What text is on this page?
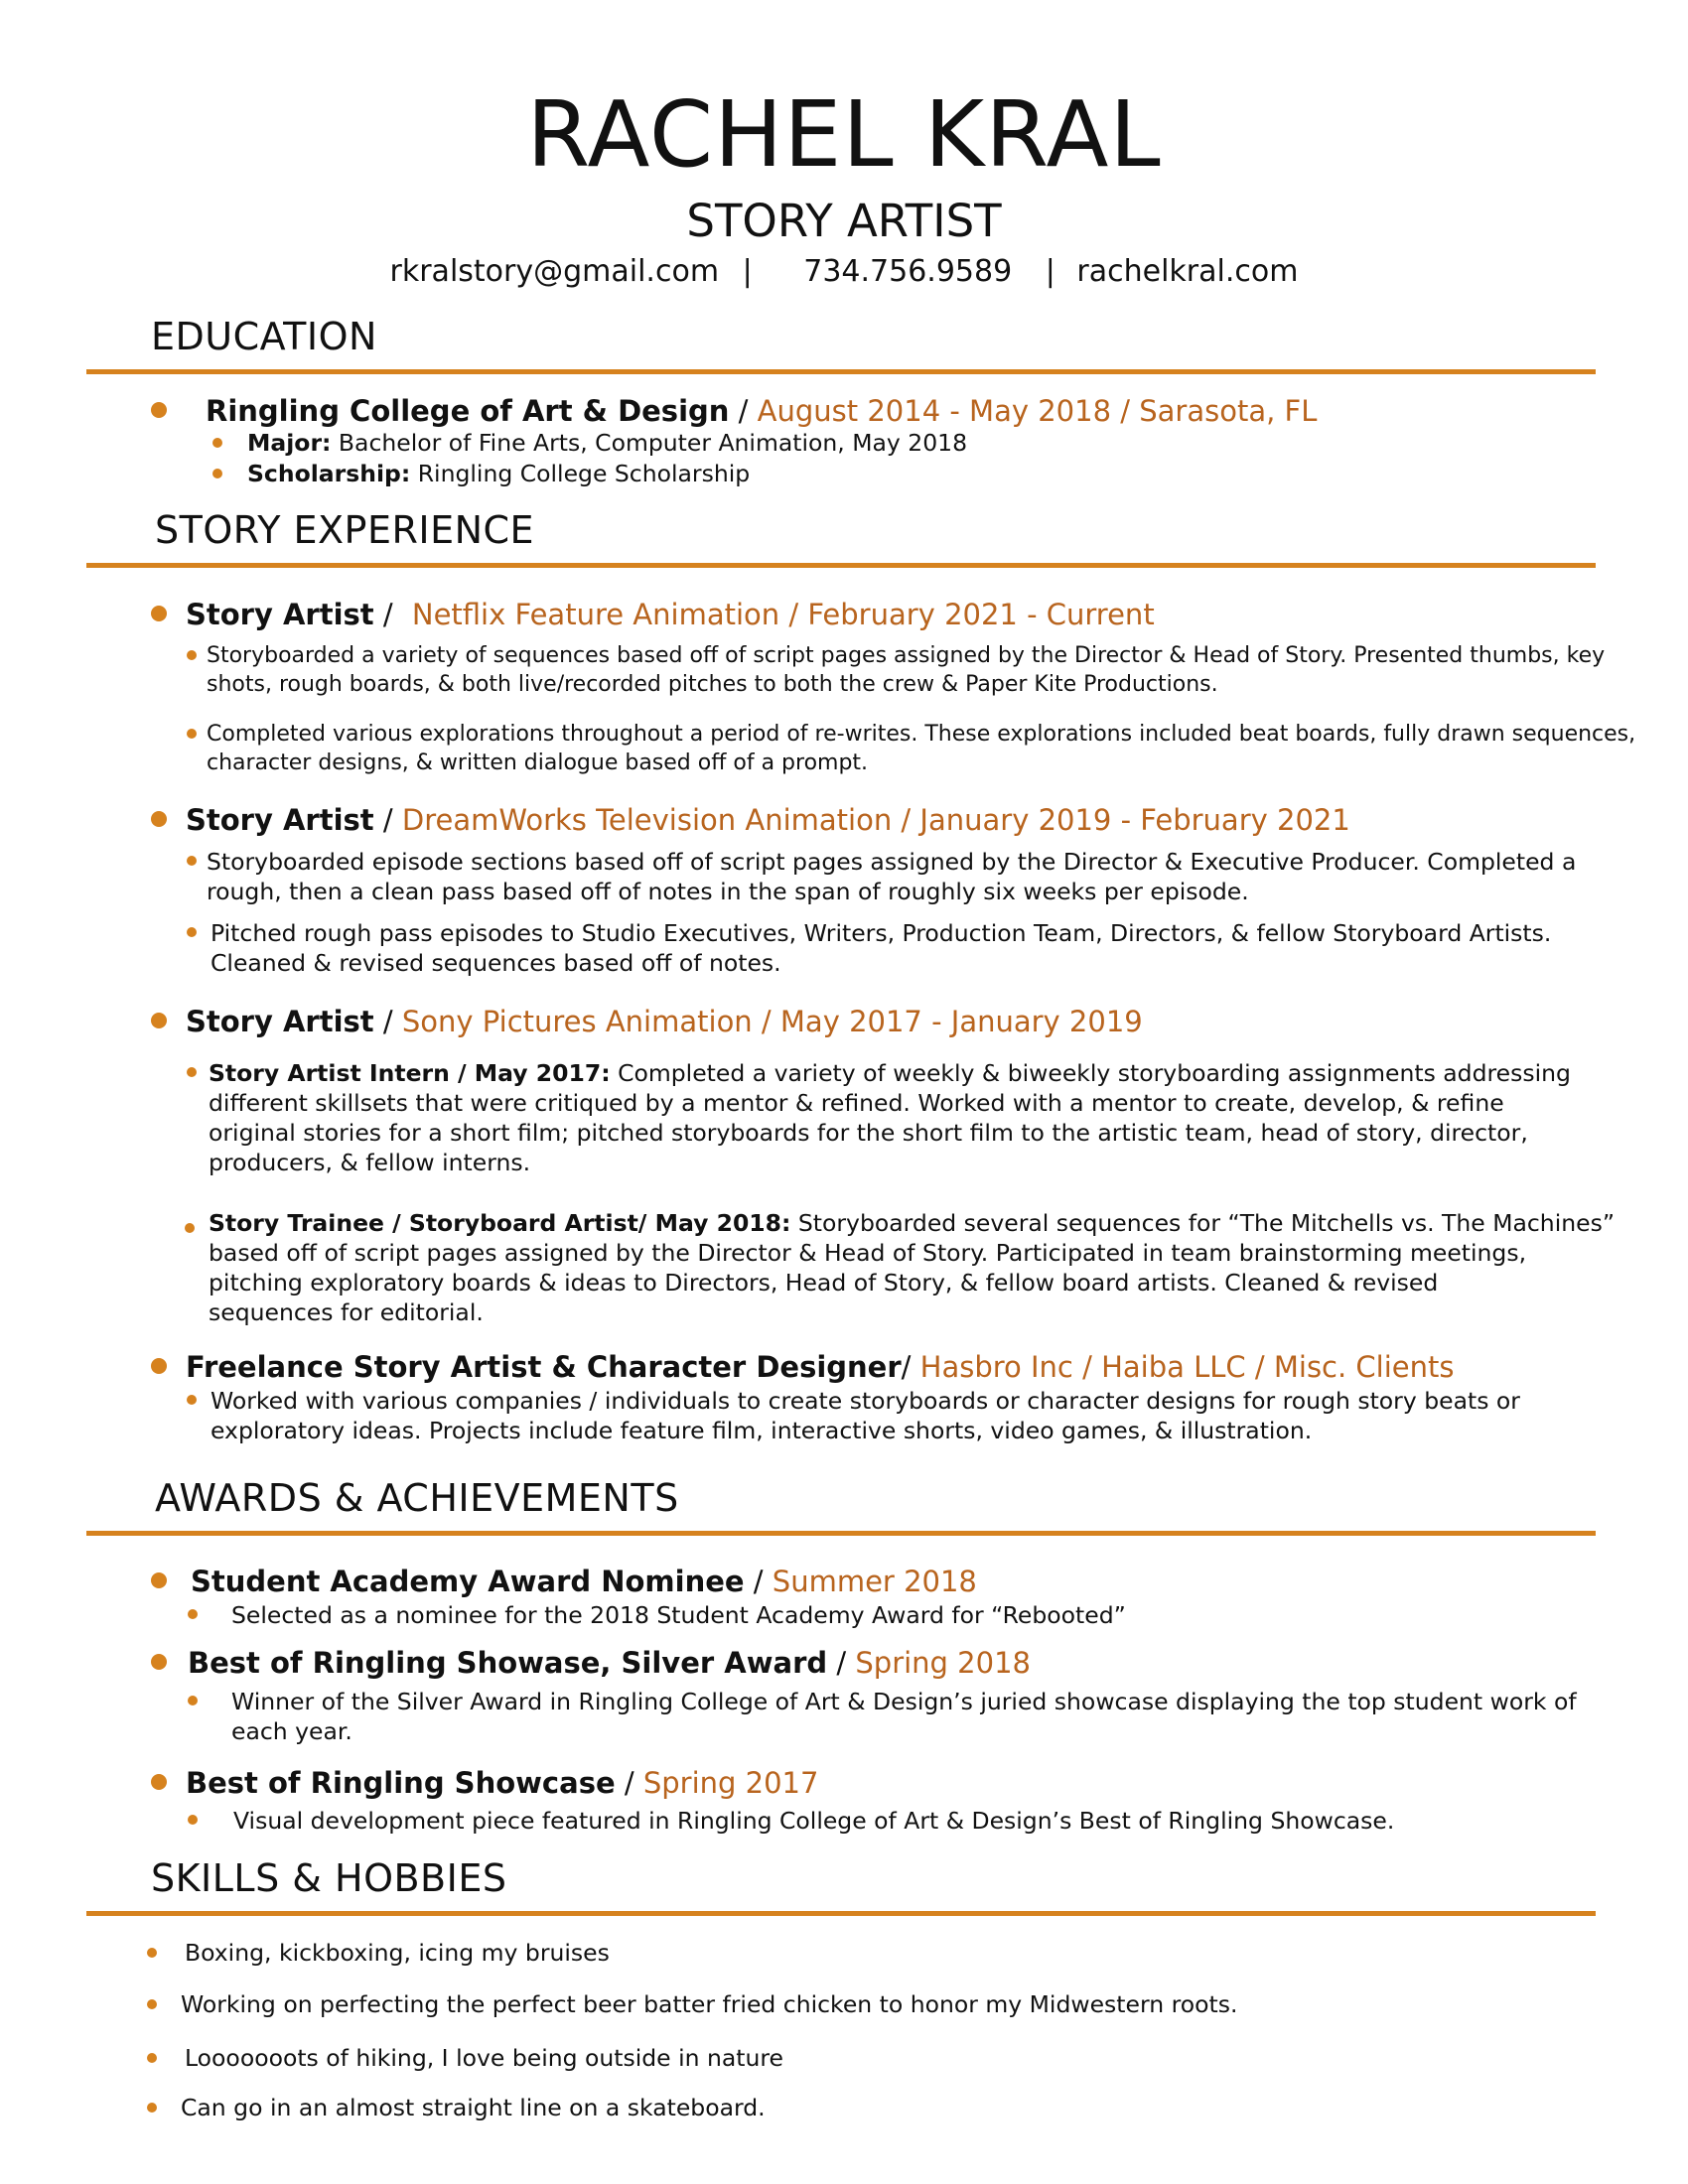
RACHEL KRAL
STORY ARTIST
rkralstory@gmail.com | 734.756.9589 | rachelkral.com
EDUCATION
Ringling College of Art & Design / August 2014 - May 2018 / Sarasota, FL
Major: Bachelor of Fine Arts, Computer Animation, May 2018
Scholarship: Ringling College Scholarship
STORY EXPERIENCE
Story Artist / Netflix Feature Animation / February 2021 - Current
Storyboarded a variety of sequences based off of script pages assigned by the Director & Head of Story. Presented thumbs, key
shots, rough boards, & both live/recorded pitches to both the crew & Paper Kite Productions.
Completed various explorations throughout a period of re-writes. These explorations included beat boards, fully drawn sequences,
character designs, & written dialogue based off of a prompt.
Story Artist / DreamWorks Television Animation / January 2019 - February 2021
Storyboarded episode sections based off of script pages assigned by the Director & Executive Producer. Completed a
rough, then a clean pass based off of notes in the span of roughly six weeks per episode.
Pitched rough pass episodes to Studio Executives, Writers, Production Team, Directors, & fellow Storyboard Artists.
Cleaned & revised sequences based off of notes.
Story Artist / Sony Pictures Animation / May 2017 - January 2019
Story Artist Intern / May 2017: Completed a variety of weekly & biweekly storyboarding assignments addressing
different skillsets that were critiqued by a mentor & refined. Worked with a mentor to create, develop, & refine
original stories for a short film; pitched storyboards for the short film to the artistic team, head of story, director,
producers, & fellow interns.
Story Trainee / Storyboard Artist/ May 2018: Storyboarded several sequences for “The Mitchells vs. The Machines”
based off of script pages assigned by the Director & Head of Story. Participated in team brainstorming meetings,
pitching exploratory boards & ideas to Directors, Head of Story, & fellow board artists. Cleaned & revised
sequences for editorial.
Freelance Story Artist & Character Designer/ Hasbro Inc / Haiba LLC / Misc. Clients
Worked with various companies / individuals to create storyboards or character designs for rough story beats or
exploratory ideas. Projects include feature film, interactive shorts, video games, & illustration.
AWARDS & ACHIEVEMENTS
Student Academy Award Nominee / Summer 2018
Selected as a nominee for the 2018 Student Academy Award for “Rebooted”
Best of Ringling Showase, Silver Award / Spring 2018
Winner of the Silver Award in Ringling College of Art & Design’s juried showcase displaying the top student work of
each year.
Best of Ringling Showcase / Spring 2017
Visual development piece featured in Ringling College of Art & Design’s Best of Ringling Showcase.
SKILLS & HOBBIES
Boxing, kickboxing, icing my bruises
Working on perfecting the perfect beer batter fried chicken to honor my Midwestern roots.
Looooooots of hiking, I love being outside in nature
Can go in an almost straight line on a skateboard.
